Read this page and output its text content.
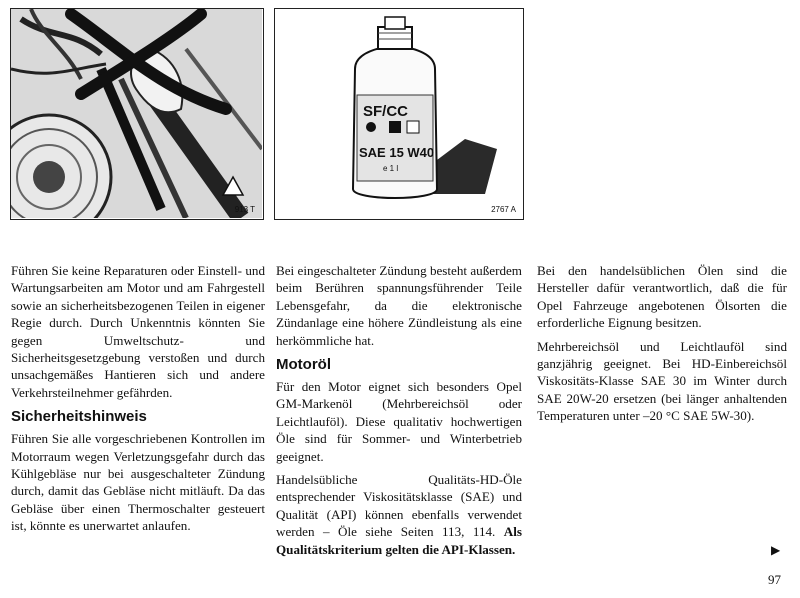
913 T
SF/CC
SAE 15 W40
e 1 l
2767 A

Führen Sie keine Reparaturen oder Einstell- und Wartungsarbeiten am Motor und am Fahrgestell sowie an sicherheitsbezogenen Teilen in eigener Regie durch. Durch Unkenntnis könnten Sie gegen Umweltschutz- und Sicherheitsgesetzgebung verstoßen und durch unsachgemäßes Hantieren sich und andere Verkehrsteilnehmer gefährden.

Sicherheitshinweis

Führen Sie alle vorgeschriebenen Kontrollen im Motorraum wegen Verletzungsgefahr durch das Kühlgebläse nur bei ausgeschalteter Zündung durch, damit das Gebläse nicht mitläuft. Da das Gebläse über einen Thermoschalter gesteuert ist, könnte es unerwartet anlaufen.

Bei eingeschalteter Zündung besteht außerdem beim Berühren spannungsführender Teile Lebensgefahr, da die elektronische Zündanlage eine höhere Zündleistung als eine herkömmliche hat.

Motoröl

Für den Motor eignet sich besonders Opel GM-Markenöl (Mehrbereichsöl oder Leichtlauföl). Diese qualitativ hochwertigen Öle sind für Sommer- und Winterbetrieb geeignet.

Handelsübliche Qualitäts-HD-Öle entsprechender Viskositätsklasse (SAE) und Qualität (API) können ebenfalls verwendet werden – Öle siehe Seiten 113, 114. Als Qualitätskriterium gelten die API-Klassen.

Bei den handelsüblichen Ölen sind die Hersteller dafür verantwortlich, daß die für Opel Fahrzeuge angebotenen Ölsorten die erforderliche Eignung besitzen.

Mehrbereichsöl und Leichtlauföl sind ganzjährig geeignet. Bei HD-Einbereichsöl Viskositäts-Klasse SAE 30 im Winter durch SAE 20W-20 ersetzen (bei länger anhaltenden Temperaturen unter –20 °C SAE 5W-30).

▶
97
